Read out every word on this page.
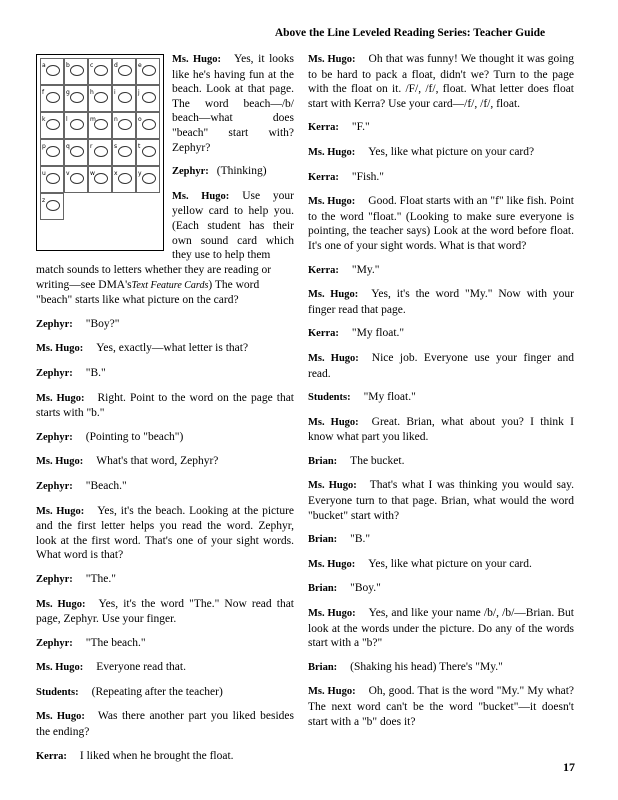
Above the Line Leveled Reading Series: Teacher Guide
a	b	c	d	e
f	g	h	i	j
k	l	m	n	o
p	q	r	s	t
u	v	w	x	y
z
Ms. Hugo: Yes, it looks like he's having fun at the beach. Look at that page. The word beach—/b/ beach—what does "beach" start with? Zephyr?
Zephyr: (Thinking)
Ms. Hugo: Use your yellow card to help you. (Each student has their own sound card which they use to help them
match sounds to letters whether they are reading or writing—see DMA'sText Feature Cards) The word "beach" starts like what picture on the card?
Zephyr: "Boy?"
Ms. Hugo: Yes, exactly—what letter is that?
Zephyr: "B."
Ms. Hugo: Right. Point to the word on the page that starts with "b."
Zephyr: (Pointing to "beach")
Ms. Hugo: What's that word, Zephyr?
Zephyr: "Beach."
Ms. Hugo: Yes, it's the beach. Looking at the picture and the first letter helps you read the word. Zephyr, look at the first word. That's one of your sight words. What word is that?
Zephyr: "The."
Ms. Hugo: Yes, it's the word "The." Now read that page, Zephyr. Use your finger.
Zephyr: "The beach."
Ms. Hugo: Everyone read that.
Students: (Repeating after the teacher)
Ms. Hugo: Was there another part you liked besides the ending?
Kerra: I liked when he brought the float.
Ms. Hugo: Oh that was funny! We thought it was going to be hard to pack a float, didn't we? Turn to the page with the float on it. /F/, /f/, float. What letter does float start with Kerra? Use your card—/f/, /f/, float.
Kerra: "F."
Ms. Hugo: Yes, like what picture on your card?
Kerra: "Fish."
Ms. Hugo: Good. Float starts with an "f" like fish. Point to the word "float." (Looking to make sure everyone is pointing, the teacher says) Look at the word before float. It's one of your sight words. What is that word?
Kerra: "My."
Ms. Hugo: Yes, it's the word "My." Now with your finger read that page.
Kerra: "My float."
Ms. Hugo: Nice job. Everyone use your finger and read.
Students: "My float."
Ms. Hugo: Great. Brian, what about you? I think I know what part you liked.
Brian: The bucket.
Ms. Hugo: That's what I was thinking you would say. Everyone turn to that page. Brian, what would the word "bucket" start with?
Brian: "B."
Ms. Hugo: Yes, like what picture on your card.
Brian: "Boy."
Ms. Hugo: Yes, and like your name /b/, /b/—Brian. But look at the words under the picture. Do any of the words start with a "b?"
Brian: (Shaking his head) There's "My."
Ms. Hugo: Oh, good. That is the word "My." My what? The next word can't be the word "bucket"—it doesn't start with a "b" does it?
17
